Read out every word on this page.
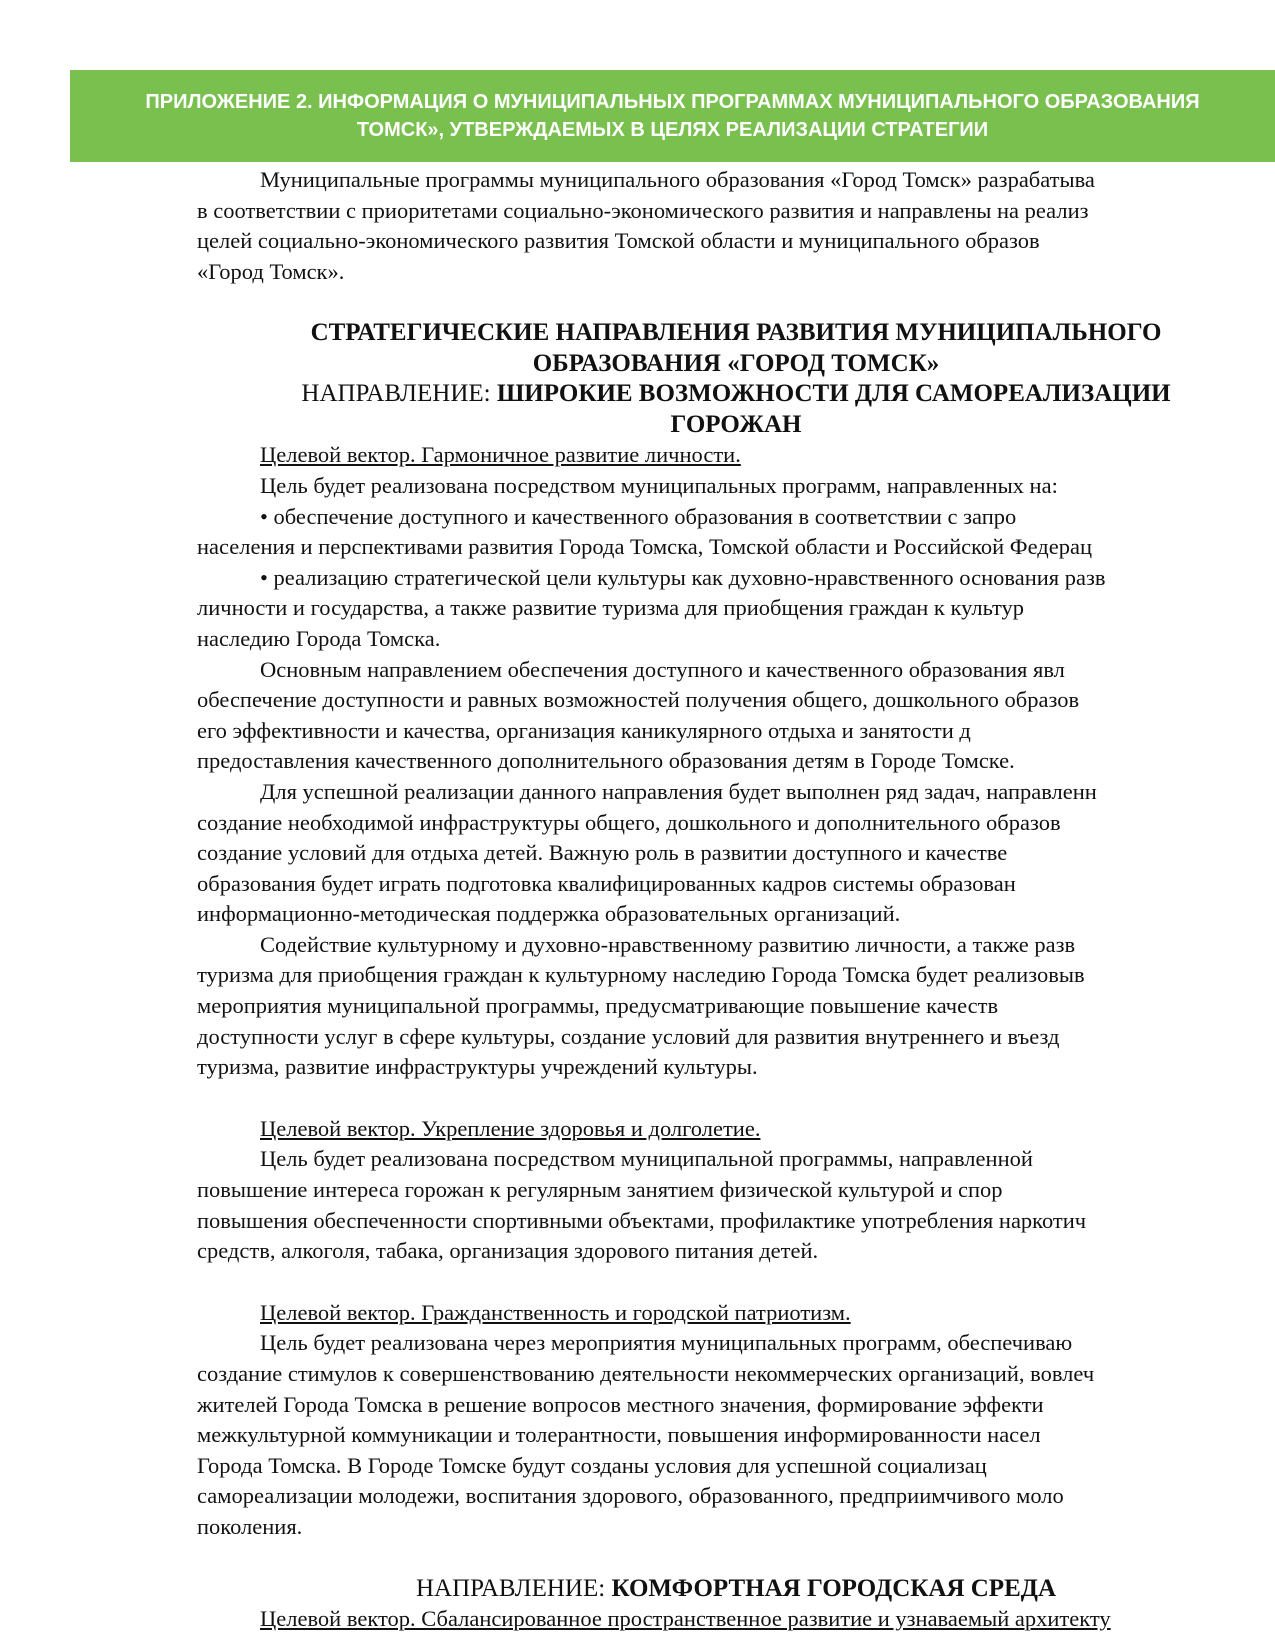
ПРИЛОЖЕНИЕ 2. ИНФОРМАЦИЯ О МУНИЦИПАЛЬНЫХ ПРОГРАММАХ МУНИЦИПАЛЬНОГО ОБРАЗОВАНИЯ
ТОМСК», УТВЕРЖДАЕМЫХ В ЦЕЛЯХ РЕАЛИЗАЦИИ СТРАТЕГИИ
Муниципальные программы муниципального образования «Город Томск» разрабатыва
в соответствии с приоритетами социально-экономического развития и направлены на реализ
целей социально-экономического развития Томской области и муниципального образов
«Город Томск».
СТРАТЕГИЧЕСКИЕ НАПРАВЛЕНИЯ РАЗВИТИЯ МУНИЦИПАЛЬНОГО
ОБРАЗОВАНИЯ «ГОРОД ТОМСК»
НАПРАВЛЕНИЕ: ШИРОКИЕ ВОЗМОЖНОСТИ ДЛЯ САМОРЕАЛИЗАЦИИ
ГОРОЖАН
Целевой вектор. Гармоничное развитие личности.
Цель будет реализована посредством муниципальных программ, направленных на:
• обеспечение доступного и качественного образования в соответствии с запро
населения и перспективами развития Города Томска, Томской области и Российской Федерац
• реализацию стратегической цели культуры как духовно-нравственного основания разв
личности и государства, а также развитие туризма для приобщения граждан к культур
наследию Города Томска.
Основным направлением обеспечения доступного и качественного образования явл
обеспечение доступности и равных возможностей получения общего, дошкольного образов
его эффективности и качества, организация каникулярного отдыха и занятости д
предоставления качественного дополнительного образования детям в Городе Томске.
Для успешной реализации данного направления будет выполнен ряд задач, направленн
создание необходимой инфраструктуры общего, дошкольного и дополнительного образов
создание условий для отдыха детей. Важную роль в развитии доступного и качестве
образования будет играть подготовка квалифицированных кадров системы образован
информационно-методическая поддержка образовательных организаций.
Содействие культурному и духовно-нравственному развитию личности, а также разв
туризма для приобщения граждан к культурному наследию Города Томска будет реализовыв
мероприятия муниципальной программы, предусматривающие повышение качеств
доступности услуг в сфере культуры, создание условий для развития внутреннего и въезд
туризма, развитие инфраструктуры учреждений культуры.
Целевой вектор. Укрепление здоровья и долголетие.
Цель будет реализована посредством муниципальной программы, направленной
повышение интереса горожан к регулярным занятием физической культурой и спор
повышения обеспеченности спортивными объектами, профилактике употребления наркотич
средств, алкоголя, табака, организация здорового питания детей.
Целевой вектор. Гражданственность и городской патриотизм.
Цель будет реализована через мероприятия муниципальных программ, обеспечиваю
создание стимулов к совершенствованию деятельности некоммерческих организаций, вовлеч
жителей Города Томска в решение вопросов местного значения, формирование эффекти
межкультурной коммуникации и толерантности, повышения информированности насел
Города Томска. В Городе Томске будут созданы условия для успешной социализац
самореализации молодежи, воспитания здорового, образованного, предприимчивого моло
поколения.
НАПРАВЛЕНИЕ: КОМФОРТНАЯ ГОРОДСКАЯ СРЕДА
Целевой вектор. Сбалансированное пространственное развитие и узнаваемый архитекту
